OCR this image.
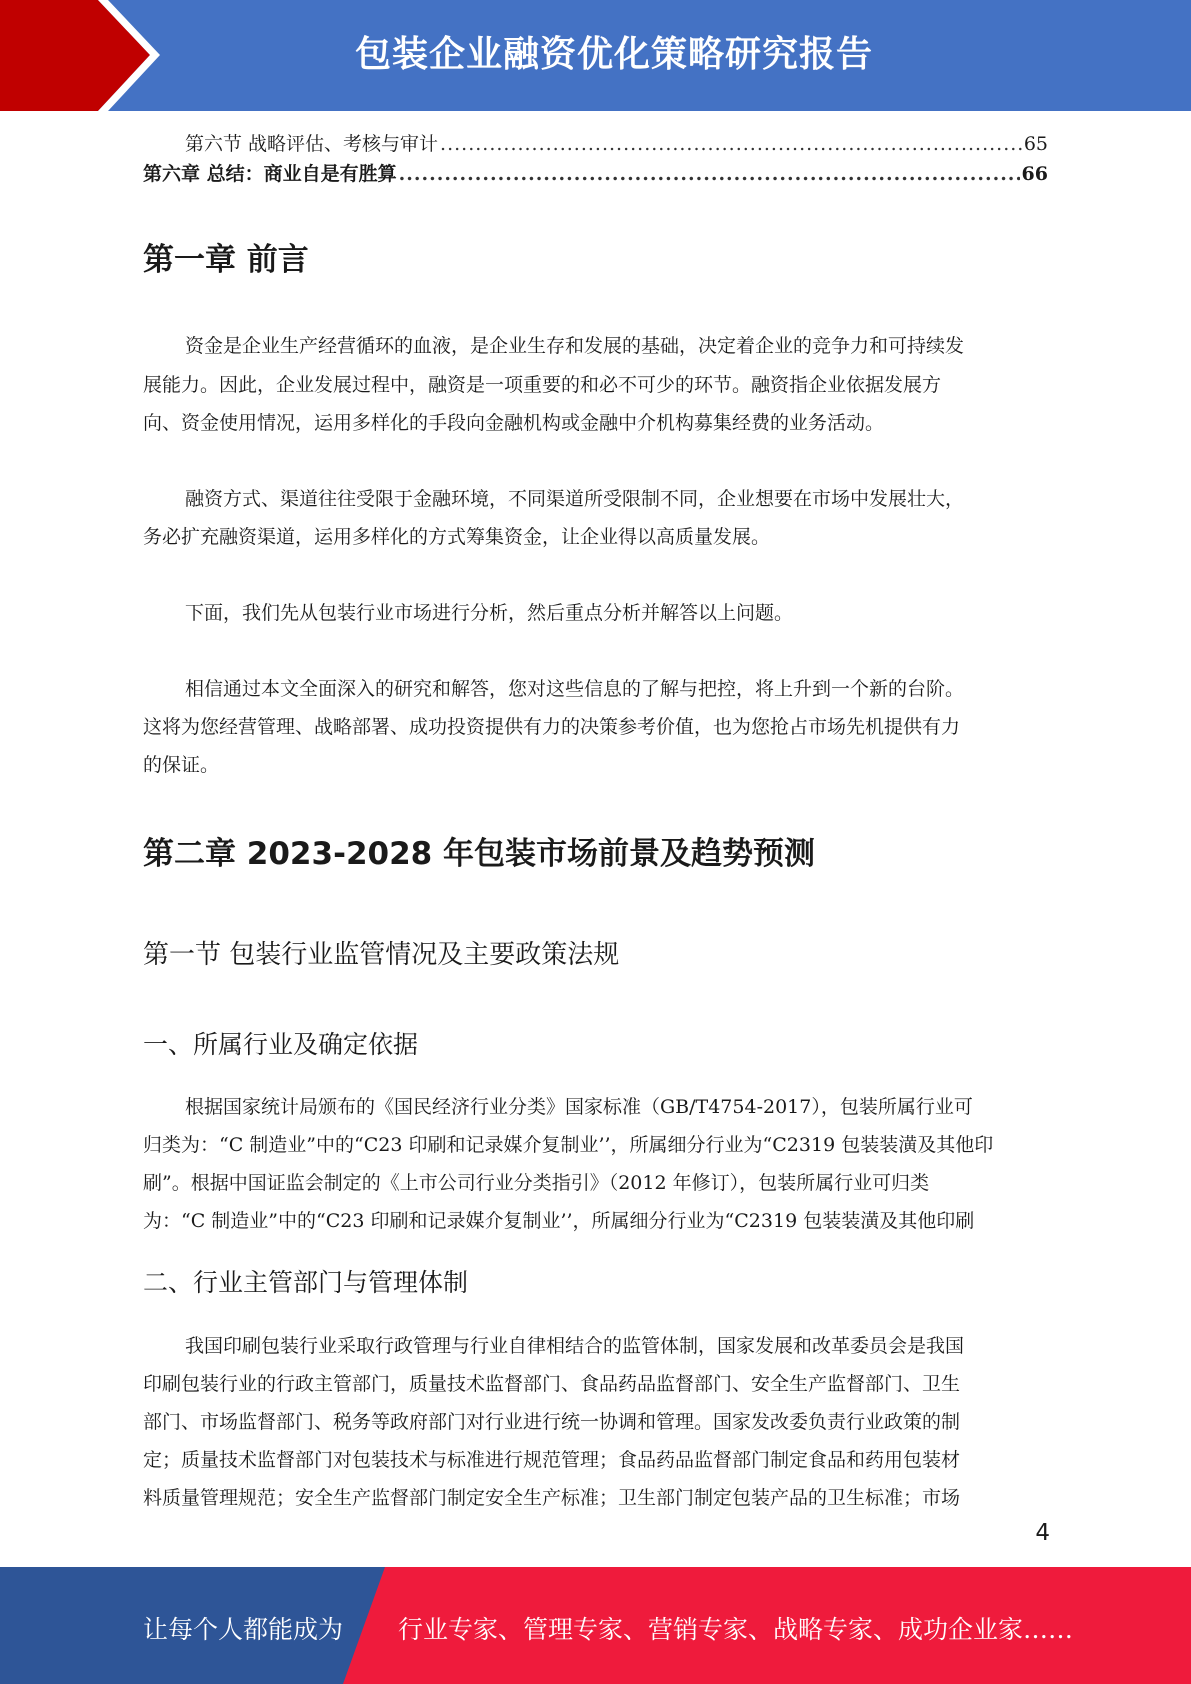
包装企业融资优化策略研究报告
第六节 战略评估、考核与审计 .....	65
第六章 总结：商业自是有胜算 .....	66
第一章 前言
资金是企业生产经营循环的血液，是企业生存和发展的基础，决定着企业的竞争力和可持续发
展能力。因此，企业发展过程中，融资是一项重要的和必不可少的环节。融资指企业依据发展方
向、资金使用情况，运用多样化的手段向金融机构或金融中介机构募集经费的业务活动。
融资方式、渠道往往受限于金融环境，不同渠道所受限制不同，企业想要在市场中发展壮大，
务必扩充融资渠道，运用多样化的方式筹集资金，让企业得以高质量发展。
下面，我们先从包装行业市场进行分析，然后重点分析并解答以上问题。
相信通过本文全面深入的研究和解答，您对这些信息的了解与把控，将上升到一个新的台阶。
这将为您经营管理、战略部署、成功投资提供有力的决策参考价值，也为您抢占市场先机提供有力
的保证。
第二章 2023-2028 年包装市场前景及趋势预测
第一节 包装行业监管情况及主要政策法规
一、所属行业及确定依据
根据国家统计局颁布的《国民经济行业分类》国家标准（GB/T4754-2017），包装所属行业可
归类为：“C 制造业”中的“C23 印刷和记录媒介复制业’’，所属细分行业为“C2319 包装装潢及其他印
刷”。根据中国证监会制定的《上市公司行业分类指引》（2012 年修订），包装所属行业可归类
为：“C 制造业”中的“C23 印刷和记录媒介复制业’’，所属细分行业为“C2319 包装装潢及其他印刷
二、行业主管部门与管理体制
我国印刷包装行业采取行政管理与行业自律相结合的监管体制，国家发展和改革委员会是我国
印刷包装行业的行政主管部门，质量技术监督部门、食品药品监督部门、安全生产监督部门、卫生
部门、市场监督部门、税务等政府部门对行业进行统一协调和管理。国家发改委负责行业政策的制
定；质量技术监督部门对包装技术与标准进行规范管理；食品药品监督部门制定食品和药用包装材
料质量管理规范；安全生产监督部门制定安全生产标准；卫生部门制定包装产品的卫生标准；市场
4
让每个人都能成为 行业专家、管理专家、营销专家、战略专家、成功企业家……
